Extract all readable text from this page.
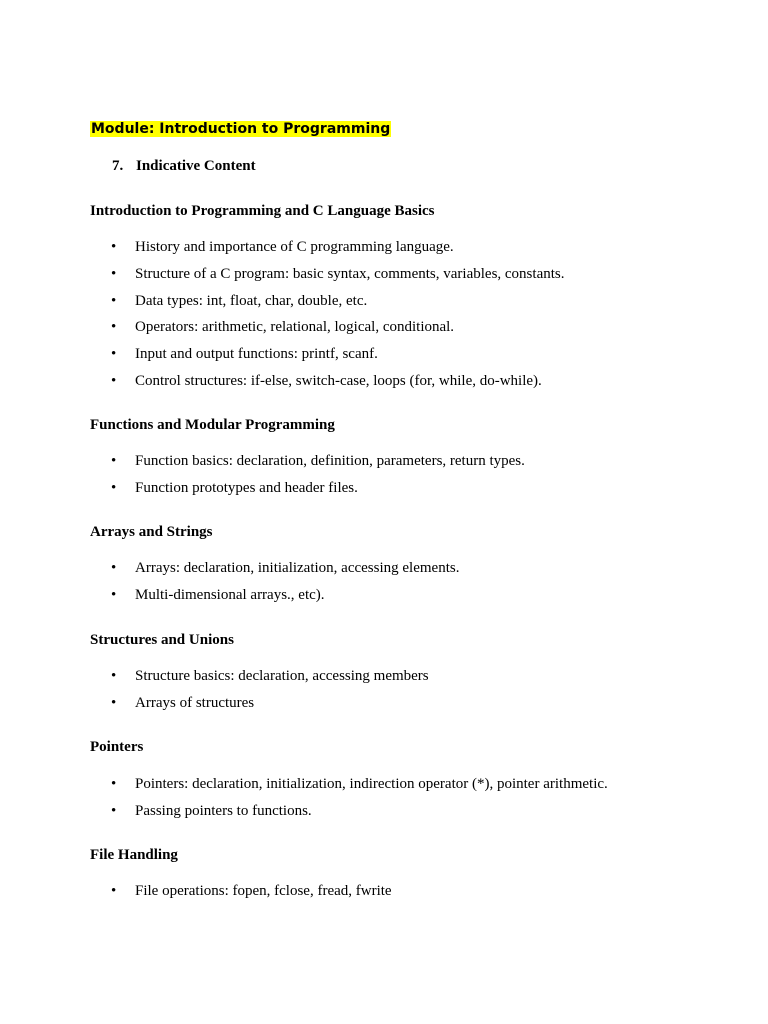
Module: Introduction to Programming

7. Indicative Content

Introduction to Programming and C Language Basics

•	History and importance of C programming language.
•	Structure of a C program: basic syntax, comments, variables, constants.
•	Data types: int, float, char, double, etc.
•	Operators: arithmetic, relational, logical, conditional.
•	Input and output functions: printf, scanf.
•	Control structures: if-else, switch-case, loops (for, while, do-while).

Functions and Modular Programming

•	Function basics: declaration, definition, parameters, return types.
•	Function prototypes and header files.

Arrays and Strings

•	Arrays: declaration, initialization, accessing elements.
•	Multi-dimensional arrays., etc).

Structures and Unions

•	Structure basics: declaration, accessing members
•	Arrays of structures

Pointers

•	Pointers: declaration, initialization, indirection operator (*), pointer arithmetic.
•	Passing pointers to functions.

File Handling

•	File operations: fopen, fclose, fread, fwrite
